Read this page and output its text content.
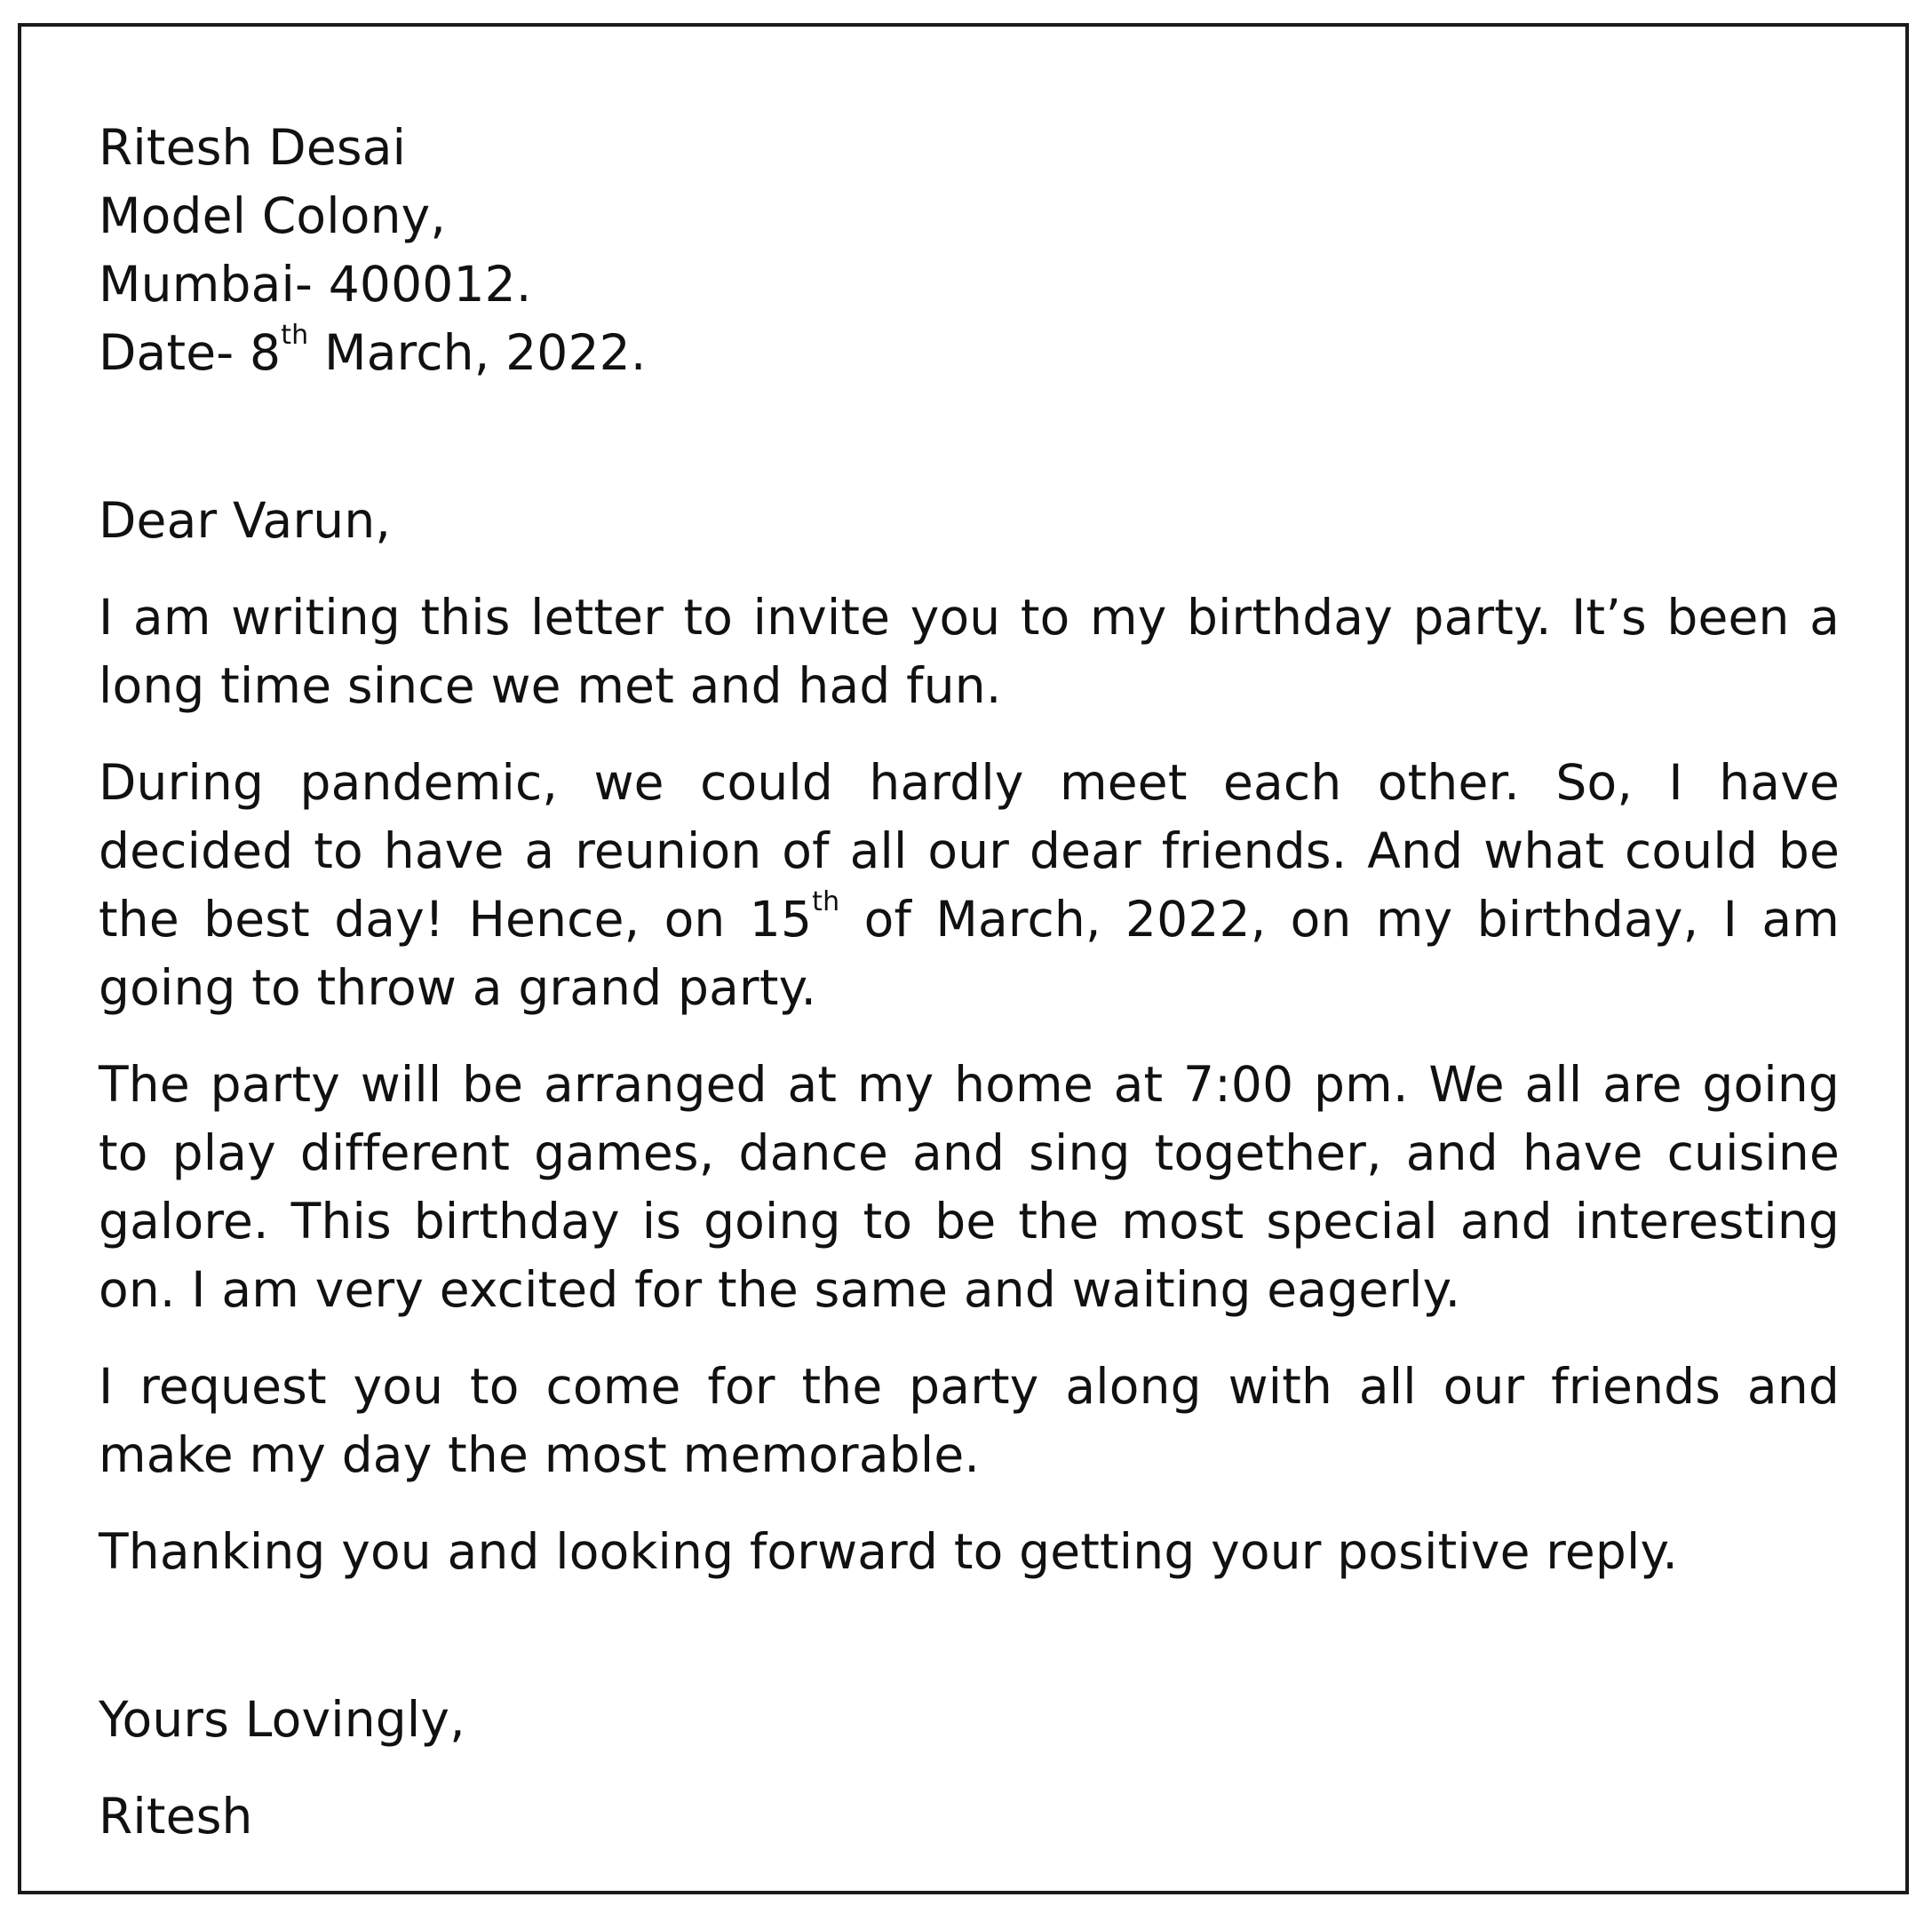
Ritesh Desai

Model Colony,

Mumbai- 400012.

Date- 8th March, 2022.

Dear Varun,

I am writing this letter to invite you to my birthday party. It’s been a long time since we met and had fun.

During pandemic, we could hardly meet each other. So, I have decided to have a reunion of all our dear friends. And what could be the best day! Hence, on 15th of March, 2022, on my birthday, I am going to throw a grand party.

The party will be arranged at my home at 7:00 pm. We all are going to play different games, dance and sing together, and have cuisine galore. This birthday is going to be the most special and interesting on. I am very excited for the same and waiting eagerly.

I request you to come for the party along with all our friends and make my day the most memorable.

Thanking you and looking forward to getting your positive reply.

Yours Lovingly,

Ritesh
